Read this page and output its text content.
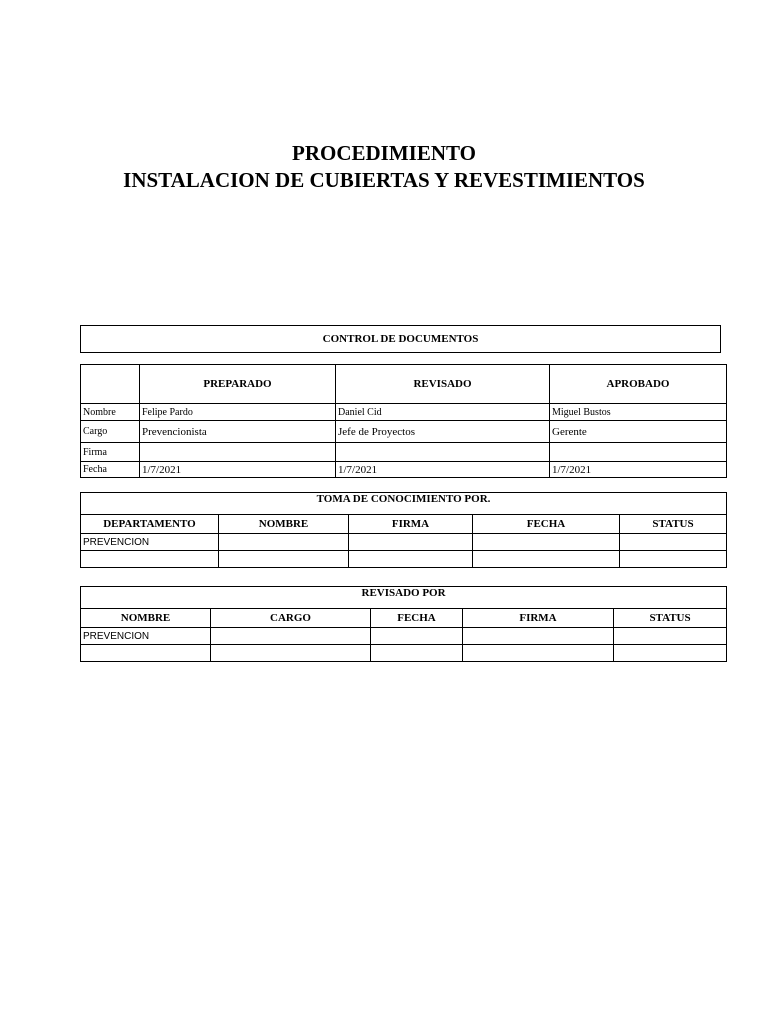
PROCEDIMIENTO
INSTALACION DE CUBIERTAS Y REVESTIMIENTOS
CONTROL DE DOCUMENTOS
	PREPARADO	REVISADO	APROBADO
Nombre	Felipe Pardo	Daniel Cid	Miguel Bustos
Cargo	Prevencionista	Jefe de Proyectos	Gerente
Firma			
Fecha	1/7/2021	1/7/2021	1/7/2021
TOMA DE CONOCIMIENTO POR.				
DEPARTAMENTO	NOMBRE	FIRMA	FECHA	STATUS
PREVENCION				

REVISADO POR				
NOMBRE	CARGO	FECHA	FIRMA	STATUS
PREVENCION				
